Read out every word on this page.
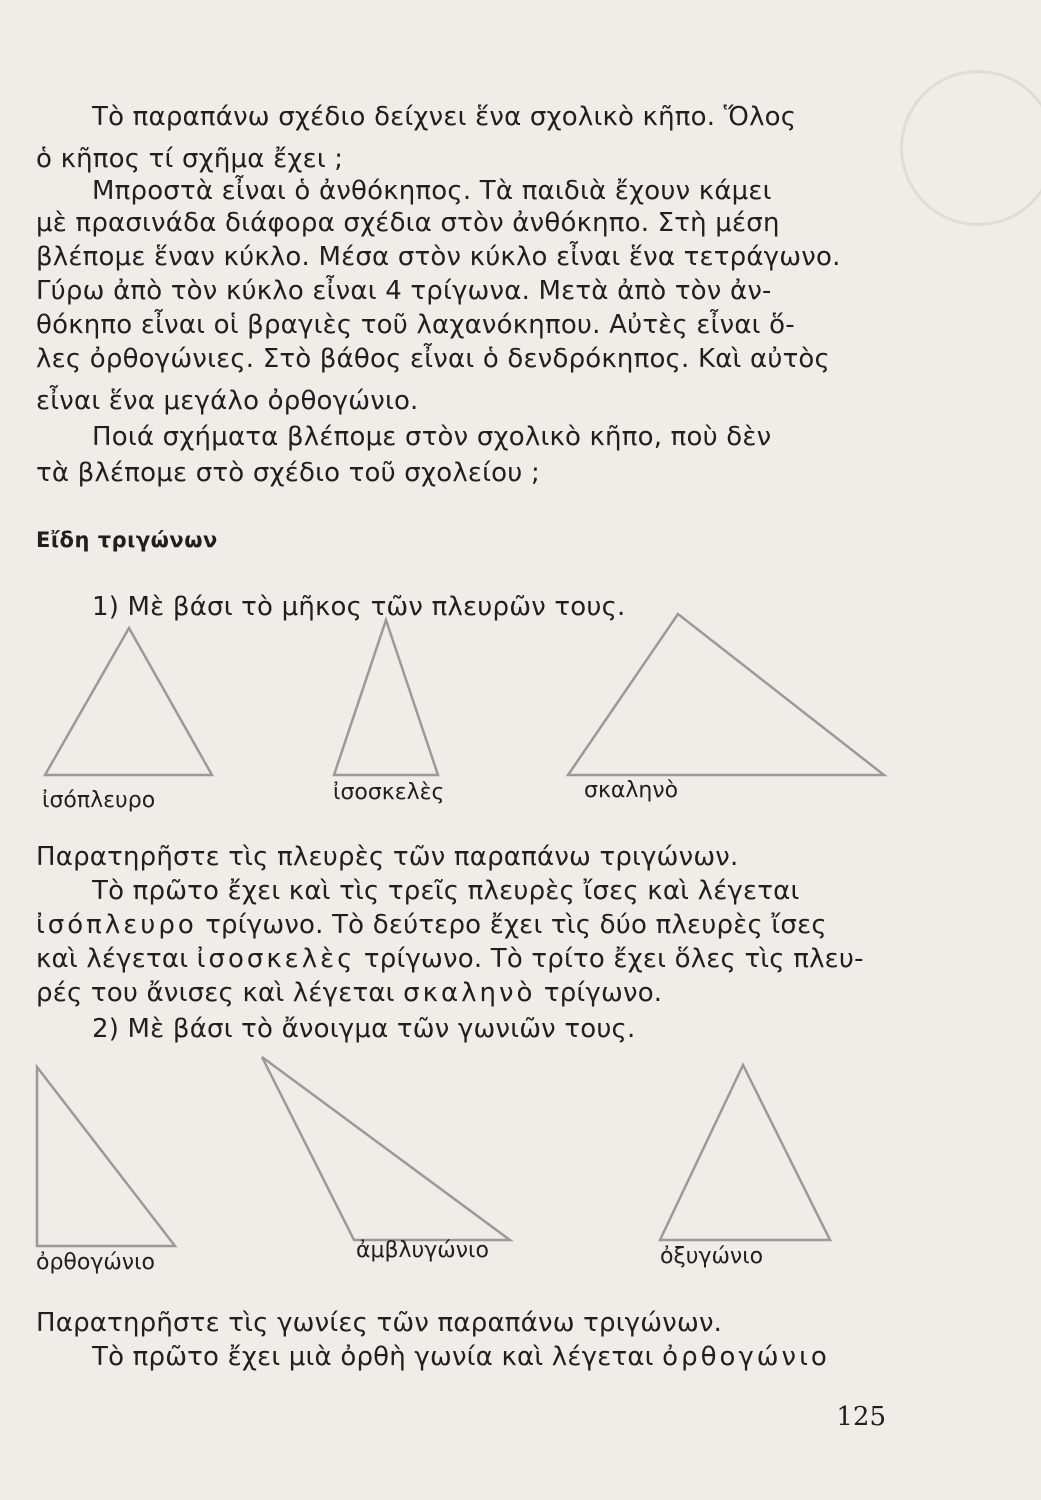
Τὸ παραπάνω σχέδιο δείχνει ἕνα σχολικὸ κῆπο. Ὅλος
ὁ κῆπος τί σχῆμα ἔχει ;
Μπροστὰ εἶναι ὁ ἀνθόκηπος. Τὰ παιδιὰ ἔχουν κάμει
μὲ πρασινάδα διάφορα σχέδια στὸν ἀνθόκηπο. Στὴ μέση
βλέπομε ἕναν κύκλο. Μέσα στὸν κύκλο εἶναι ἕνα τετράγωνο.
Γύρω ἀπὸ τὸν κύκλο εἶναι 4 τρίγωνα. Μετὰ ἀπὸ τὸν ἀν-
θόκηπο εἶναι οἱ βραγιὲς τοῦ λαχανόκηπου. Αὐτὲς εἶναι ὅ-
λες ὀρθογώνιες. Στὸ βάθος εἶναι ὁ δενδρόκηπος. Καὶ αὐτὸς
εἶναι ἕνα μεγάλο ὀρθογώνιο.
Ποιά σχήματα βλέπομε στὸν σχολικὸ κῆπο, ποὺ δὲν
τὰ βλέπομε στὸ σχέδιο τοῦ σχολείου ;
Εἴδη τριγώνων
1) Μὲ βάσι τὸ μῆκος τῶν πλευρῶν τους.
ἰσόπλευρο	ἰσοσκελὲς	σκαληνὸ
Παρατηρῆστε τὶς πλευρὲς τῶν παραπάνω τριγώνων.
Τὸ πρῶτο ἔχει καὶ τὶς τρεῖς πλευρὲς ἴσες καὶ λέγεται
ἰσόπλευρο τρίγωνο. Τὸ δεύτερο ἔχει τὶς δύο πλευρὲς ἴσες
καὶ λέγεται ἰσοσκελὲς τρίγωνο. Τὸ τρίτο ἔχει ὅλες τὶς πλευ-
ρές του ἄνισες καὶ λέγεται σκαληνὸ τρίγωνο.
2) Μὲ βάσι τὸ ἄνοιγμα τῶν γωνιῶν τους.
ὀρθογώνιο	ἀμβλυγώνιο	ὀξυγώνιο
Παρατηρῆστε τὶς γωνίες τῶν παραπάνω τριγώνων.
Τὸ πρῶτο ἔχει μιὰ ὀρθὴ γωνία καὶ λέγεται ὀρθογώνιο
125
